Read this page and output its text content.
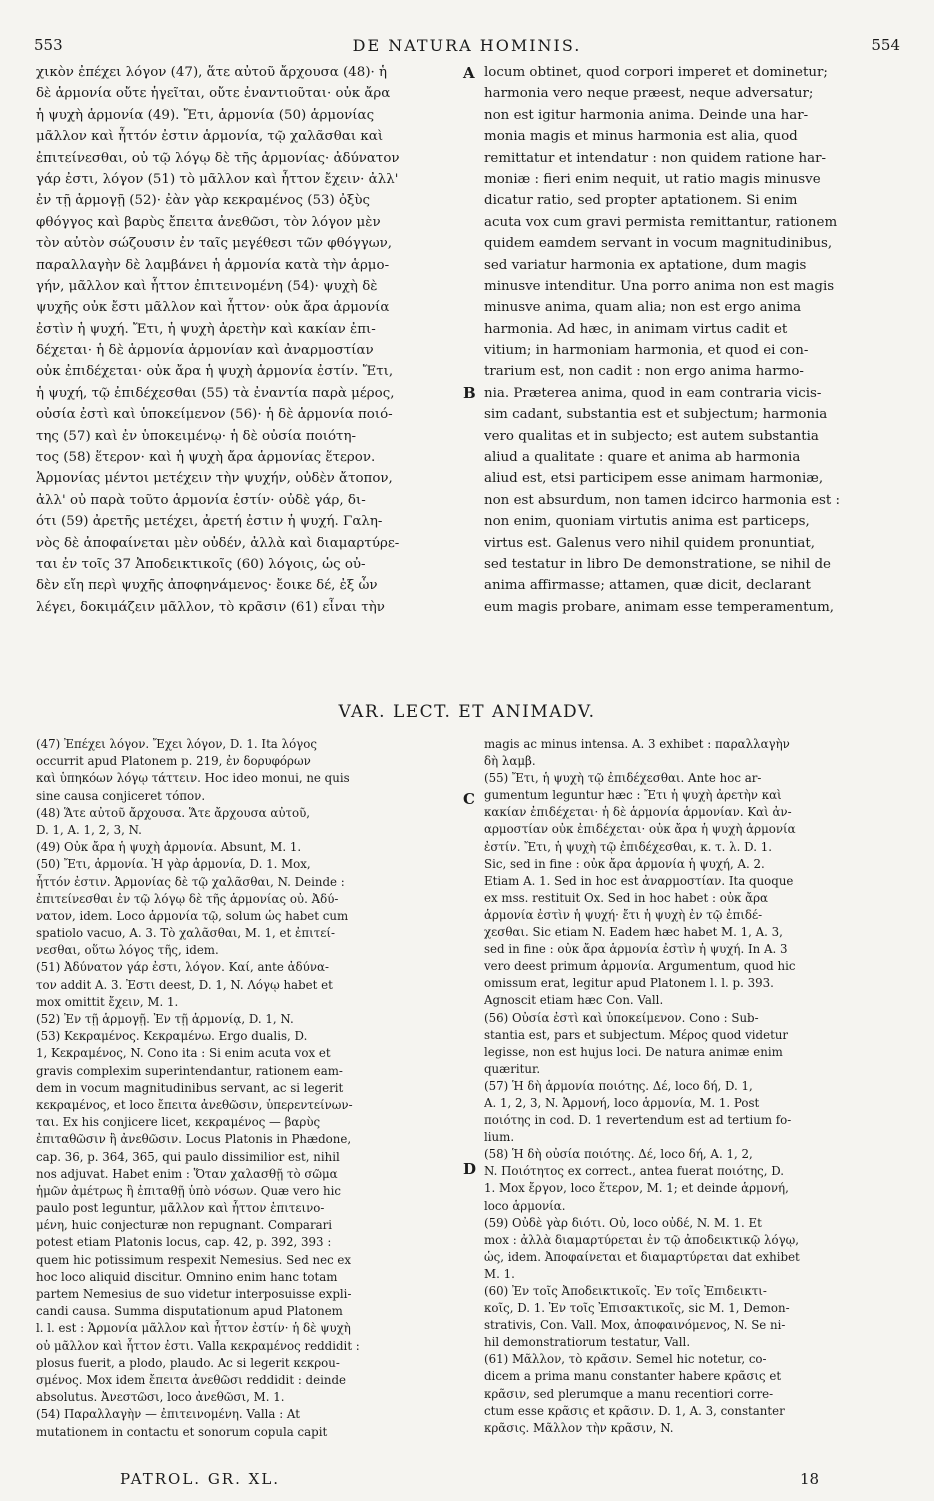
553	DE NATURA HOMINIS.	554
χικὸν ἐπέχει λόγον (47), ἅτε αὐτοῦ ἄρχουσα (48)· ἡ
δὲ ἁρμονία οὔτε ἡγεῖται, οὔτε ἐναντιοῦται· οὐκ ἄρα
ἡ ψυχὴ ἁρμονία (49). Ἔτι, ἁρμονία (50) ἁρμονίας
μᾶλλον καὶ ἧττόν ἐστιν ἁρμονία, τῷ χαλᾶσθαι καὶ
ἐπιτείνεσθαι, οὐ τῷ λόγῳ δὲ τῆς ἁρμονίας· ἀδύνατον
γάρ ἐστι, λόγον (51) τὸ μᾶλλον καὶ ἧττον ἔχειν· ἀλλ'
ἐν τῇ ἁρμογῇ (52)· ἐὰν γὰρ κεκραμένος (53) ὀξὺς
φθόγγος καὶ βαρὺς ἔπειτα ἀνεθῶσι, τὸν λόγον μὲν
τὸν αὐτὸν σώζουσιν ἐν ταῖς μεγέθεσι τῶν φθόγγων,
παραλλαγὴν δὲ λαμβάνει ἡ ἁρμονία κατὰ τὴν ἁρμο-
γήν, μᾶλλον καὶ ἧττον ἐπιτεινομένη (54)· ψυχὴ δὲ
ψυχῆς οὐκ ἔστι μᾶλλον καὶ ἧττον· οὐκ ἄρα ἁρμονία
ἐστὶν ἡ ψυχή. Ἔτι, ἡ ψυχὴ ἀρετὴν καὶ κακίαν ἐπι-
δέχεται· ἡ δὲ ἁρμονία ἁρμονίαν καὶ ἀναρμοστίαν
οὐκ ἐπιδέχεται· οὐκ ἄρα ἡ ψυχὴ ἁρμονία ἐστίν. Ἔτι,
ἡ ψυχή, τῷ ἐπιδέχεσθαι (55) τὰ ἐναντία παρὰ μέρος,
οὐσία ἐστὶ καὶ ὑποκείμενον (56)· ἡ δὲ ἁρμονία ποιό-
της (57) καὶ ἐν ὑποκειμένῳ· ἡ δὲ οὐσία ποιότη-
τος (58) ἕτερον· καὶ ἡ ψυχὴ ἄρα ἁρμονίας ἕτερον.
Ἁρμονίας μέντοι μετέχειν τὴν ψυχήν, οὐδὲν ἄτοπον,
ἀλλ' οὐ παρὰ τοῦτο ἁρμονία ἐστίν· οὐδὲ γάρ, δι-
ότι (59) ἀρετῆς μετέχει, ἀρετή ἐστιν ἡ ψυχή. Γαλη-
νὸς δὲ ἀποφαίνεται μὲν οὐδέν, ἀλλὰ καὶ διαμαρτύρε-
ται ἐν τοῖς 37 Ἀποδεικτικοῖς (60) λόγοις, ὡς οὐ-
δὲν εἴη περὶ ψυχῆς ἀποφηνάμενος· ἔοικε δέ, ἐξ ὧν
λέγει, δοκιμάζειν μᾶλλον, τὸ κρᾶσιν (61) εἶναι τὴν
locum obtinet, quod corpori imperet et dominetur;
harmonia vero neque præest, neque adversatur;
non est igitur harmonia anima. Deinde una har-
monia magis et minus harmonia est alia, quod
remittatur et intendatur : non quidem ratione har-
moniæ : fieri enim nequit, ut ratio magis minusve
dicatur ratio, sed propter aptationem. Si enim
acuta vox cum gravi permista remittantur, rationem
quidem eamdem servant in vocum magnitudinibus,
sed variatur harmonia ex aptatione, dum magis
minusve intenditur. Una porro anima non est magis
minusve anima, quam alia; non est ergo anima
harmonia. Ad hæc, in animam virtus cadit et
vitium; in harmoniam harmonia, et quod ei con-
trarium est, non cadit : non ergo anima harmo-
nia. Præterea anima, quod in eam contraria vicis-
sim cadant, substantia est et subjectum; harmonia
vero qualitas et in subjecto; est autem substantia
aliud a qualitate : quare et anima ab harmonia
aliud est, etsi participem esse animam harmoniæ,
non est absurdum, non tamen idcirco harmonia est :
non enim, quoniam virtutis anima est particeps,
virtus est. Galenus vero nihil quidem pronuntiat,
sed testatur in libro De demonstratione, se nihil de
anima affirmasse; attamen, quæ dicit, declarant
eum magis probare, animam esse temperamentum,
A
B
C
D
VAR. LECT. ET ANIMADV.
(47) Ἐπέχει λόγον. Ἔχει λόγον, D. 1. Ita λόγος
occurrit apud Platonem p. 219, ἐν δορυφόρων
καὶ ὑπηκόων λόγῳ τάττειν. Hoc ideo monui, ne quis
sine causa conjiceret τόπον.
(48) Ἅτε αὐτοῦ ἄρχουσα. Ἅτε ἄρχουσα αὐτοῦ,
D. 1, A. 1, 2, 3, N.
(49) Οὐκ ἄρα ἡ ψυχὴ ἁρμονία. Absunt, M. 1.
(50) Ἔτι, ἁρμονία. Ἡ γὰρ ἁρμονία, D. 1. Mox,
ἧττόν ἐστιν. Ἁρμονίας δὲ τῷ χαλᾶσθαι, N. Deinde :
ἐπιτείνεσθαι ἐν τῷ λόγῳ δὲ τῆς ἁρμονίας οὐ. Ἀδύ-
νατον, idem. Loco ἁρμονία τῷ, solum ὡς habet cum
spatiolo vacuo, A. 3. Τὸ χαλᾶσθαι, M. 1, et ἐπιτεί-
νεσθαι, οὕτω λόγος τῆς, idem.
(51) Ἀδύνατον γάρ ἐστι, λόγον. Καί, ante ἀδύνα-
τον addit A. 3. Ἐστι deest, D. 1, N. Λόγῳ habet et
mox omittit ἔχειν, M. 1.
(52) Ἐν τῇ ἁρμογῇ. Ἐν τῇ ἁρμονίᾳ, D. 1, N.
(53) Κεκραμένος. Κεκραμένω. Ergo dualis, D.
1, Κεκραμένος, N. Cono ita : Si enim acuta vox et
gravis complexim superintendantur, rationem eam-
dem in vocum magnitudinibus servant, ac si legerit
κεκραμένος, et loco ἔπειτα ἀνεθῶσιν, ὑπερεντείνων-
ται. Ex his conjicere licet, κεκραμένος — βαρὺς
ἐπιταθῶσιν ἢ ἀνεθῶσιν. Locus Platonis in Phædone,
cap. 36, p. 364, 365, qui paulo dissimilior est, nihil
nos adjuvat. Habet enim : Ὅταν χαλασθῇ τὸ σῶμα
ἡμῶν ἀμέτρως ἢ ἐπιταθῇ ὑπὸ νόσων. Quæ vero hic
paulo post leguntur, μᾶλλον καὶ ἧττον ἐπιτεινο-
μένη, huic conjecturæ non repugnant. Comparari
potest etiam Platonis locus, cap. 42, p. 392, 393 :
quem hic potissimum respexit Nemesius. Sed nec ex
hoc loco aliquid discitur. Omnino enim hanc totam
partem Nemesius de suo videtur interposuisse expli-
candi causa. Summa disputationum apud Platonem
l. l. est : Ἁρμονία μᾶλλον καὶ ἧττον ἐστίν· ἡ δὲ ψυχὴ
οὐ μᾶλλον καὶ ἧττον ἐστι. Valla κεκραμένος reddidit :
plosus fuerit, a plodo, plaudo. Ac si legerit κεκροu-
σμένος. Mox idem ἔπειτα ἀνεθῶσι reddidit : deinde
absolutus. Ἀνεστῶσι, loco ἀνεθῶσι, M. 1.
(54) Παραλλαγὴν — ἐπιτεινομένη. Valla : At
mutationem in contactu et sonorum copula capit
magis ac minus intensa. A. 3 exhibet : παραλλαγὴν
δὴ λαμβ.
(55) Ἔτι, ἡ ψυχὴ τῷ ἐπιδέχεσθαι. Ante hoc ar-
gumentum leguntur hæc : Ἔτι ἡ ψυχὴ ἀρετὴν καὶ
κακίαν ἐπιδέχεται· ἡ δὲ ἁρμονία ἁρμονίαν. Καὶ ἀν-
αρμοστίαν οὐκ ἐπιδέχεται· οὐκ ἄρα ἡ ψυχὴ ἁρμονία
ἐστίν. Ἔτι, ἡ ψυχὴ τῷ ἐπιδέχεσθαι, κ. τ. λ. D. 1.
Sic, sed in fine : οὐκ ἄρα ἁρμονία ἡ ψυχή, A. 2.
Etiam A. 1. Sed in hoc est ἀναρμοστίαν. Ita quoque
ex mss. restituit Ox. Sed in hoc habet : οὐκ ἄρα
ἁρμονία ἐστὶν ἡ ψυχή· ἔτι ἡ ψυχὴ ἐν τῷ ἐπιδέ-
χεσθαι. Sic etiam N. Eadem hæc habet M. 1, A. 3,
sed in fine : οὐκ ἄρα ἁρμονία ἐστὶν ἡ ψυχή. In A. 3
vero deest primum ἁρμονία. Argumentum, quod hic
omissum erat, legitur apud Platonem l. l. p. 393.
Agnoscit etiam hæc Con. Vall.
(56) Οὐσία ἐστὶ καὶ ὑποκείμενον. Cono : Sub-
stantia est, pars et subjectum. Μέρος quod videtur
legisse, non est hujus loci. De natura animæ enim
quæritur.
(57) Ἡ δὴ ἁρμονία ποιότης. Δέ, loco δή, D. 1,
A. 1, 2, 3, N. Ἁρμονή, loco ἁρμονία, M. 1. Post
ποιότης in cod. D. 1 revertendum est ad tertium fo-
lium.
(58) Ἡ δὴ οὐσία ποιότης. Δέ, loco δή, A. 1, 2,
N. Ποιότητος ex correct., antea fuerat ποιότης, D.
1. Mox ἔργον, loco ἕτερον, M. 1; et deinde ἁρμονή,
loco ἁρμονία.
(59) Οὐδὲ γὰρ διότι. Οὐ, loco οὐδέ, N. M. 1. Et
mox : ἀλλὰ διαμαρτύρεται ἐν τῷ ἀποδεικτικῷ λόγῳ,
ὡς, idem. Ἀποφαίνεται et διαμαρτύρεται dat exhibet
M. 1.
(60) Ἐν τοῖς Ἀποδεικτικοῖς. Ἐν τοῖς Ἐπιδεικτι-
κοῖς, D. 1. Ἐν τοῖς Ἐπισακτικοῖς, sic M. 1, Demon-
strativis, Con. Vall. Mox, ἀποφαινόμενος, N. Se ni-
hil demonstratiorum testatur, Vall.
(61) Μᾶλλον, τὸ κρᾶσιν. Semel hic notetur, co-
dicem a prima manu constanter habere κρᾶσις et
κρᾶσιν, sed plerumque a manu recentiori corre-
ctum esse κρᾶσις et κρᾶσιν. D. 1, A. 3, constanter
κρᾶσις. Μᾶλλον τὴν κρᾶσιν, N.
PATROL. GR. XL.	18
